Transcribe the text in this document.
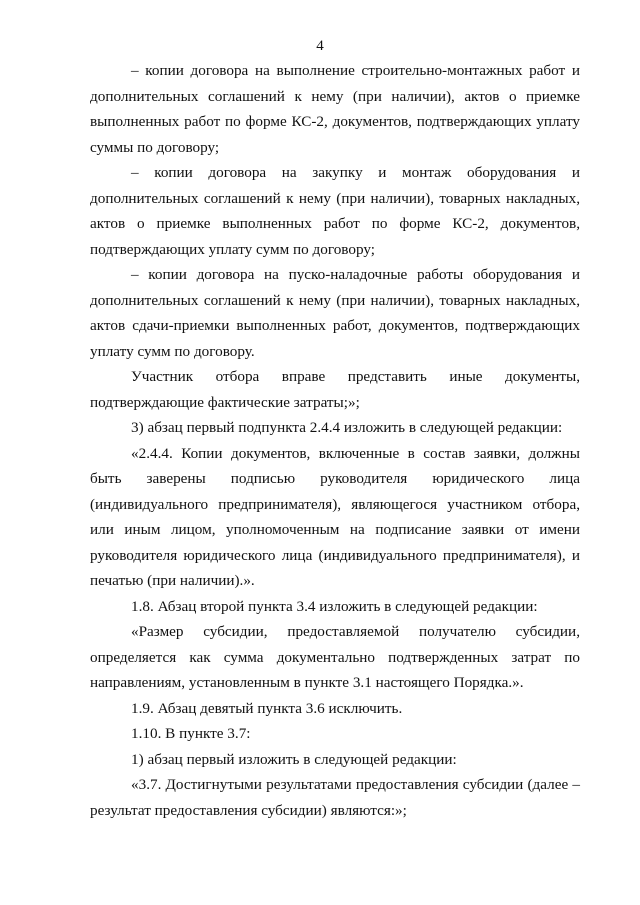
4

– копии договора на выполнение строительно-монтажных работ и дополнительных соглашений к нему (при наличии), актов о приемке выполненных работ по форме КС-2, документов, подтверждающих уплату суммы по договору;

– копии договора на закупку и монтаж оборудования и дополнительных соглашений к нему (при наличии), товарных накладных, актов о приемке выполненных работ по форме КС-2, документов, подтверждающих уплату сумм по договору;

– копии договора на пуско-наладочные работы оборудования и дополнительных соглашений к нему (при наличии), товарных накладных, актов сдачи-приемки выполненных работ, документов, подтверждающих уплату сумм по договору.

Участник отбора вправе представить иные документы, подтверждающие фактические затраты;»;

3) абзац первый подпункта 2.4.4 изложить в следующей редакции:

«2.4.4. Копии документов, включенные в состав заявки, должны быть заверены подписью руководителя юридического лица (индивидуального предпринимателя), являющегося участником отбора, или иным лицом, уполномоченным на подписание заявки от имени руководителя юридического лица (индивидуального предпринимателя), и печатью (при наличии).».

1.8. Абзац второй пункта 3.4 изложить в следующей редакции:

«Размер субсидии, предоставляемой получателю субсидии, определяется как сумма документально подтвержденных затрат по направлениям, установленным в пункте 3.1 настоящего Порядка.».

1.9. Абзац девятый пункта 3.6 исключить.

1.10. В пункте 3.7:

1) абзац первый изложить в следующей редакции:

«3.7. Достигнутыми результатами предоставления субсидии (далее – результат предоставления субсидии) являются:»;
